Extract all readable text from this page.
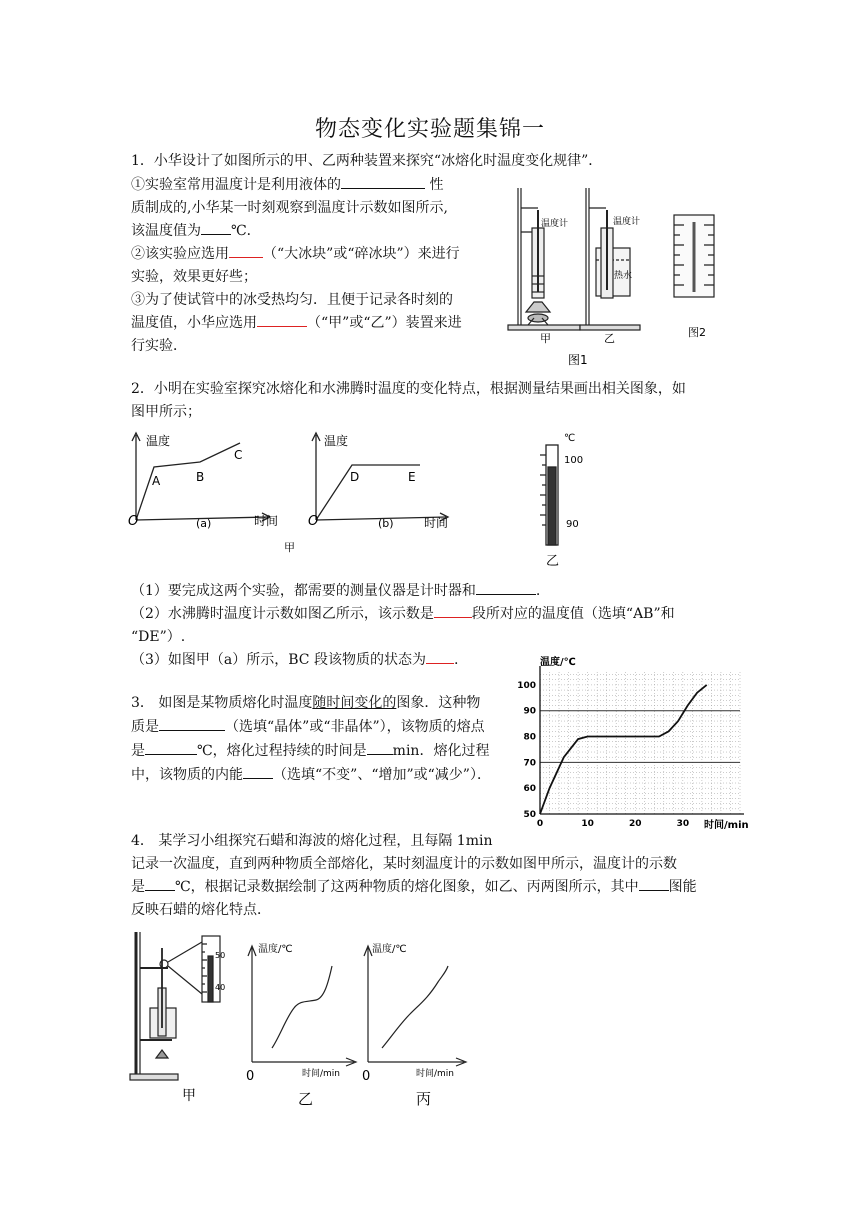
物态变化实验题集锦一
1．小华设计了如图所示的甲、乙两种装置来探究“冰熔化时温度变化规律”．
①实验室常用温度计是利用液体的	性
质制成的,小华某一时刻观察到温度计示数如图所示,
该温度值为 ℃．
②该实验应选用 （“大冰块”或“碎冰块”）来进行
实验，效果更好些；
③为了使试管中的冰受热均匀．且便于记录各时刻的
温度值，小华应选用	（“甲”或“乙”）装置来进
行实验．
温度计	温度计
热水
甲	乙	图2
图1
2．小明在实验室探究冰熔化和水沸腾时温度的变化特点，根据测量结果画出相关图象，如
图甲所示；
温度
时间
O
A	B
C
(a)
温度
时间
O
D	E
(b)
甲
℃
100
90
乙
（1）要完成这两个实验，都需要的测量仪器是计时器和	.
（2）水沸腾时温度计示数如图乙所示，该示数是	段所对应的温度值（选填“AB”和
“DE”）.
（3）如图甲（a）所示，BC 段该物质的状态为 .
3． 如图是某物质熔化时温度随时间变化的图象．这种物
质是	（选填“晶体”或“非晶体”），该物质的熔点
是	℃，熔化过程持续的时间是 min．熔化过程
中，该物质的内能 （选填“不变”、“增加”或“减少”）．
温度/℃
时间/min
50
60
70
80
90
100
0	10	20	30
4． 某学习小组探究石蜡和海波的熔化过程，且每隔 1min
记录一次温度，直到两种物质全部熔化，某时刻温度计的示数如图甲所示，温度计的示数
是 ℃，根据记录数据绘制了这两种物质的熔化图象，如乙、丙两图所示，其中 图能
反映石蜡的熔化特点．
50
40
温度/℃
时间/min
0
温度/℃
时间/min
0
甲	乙	丙
